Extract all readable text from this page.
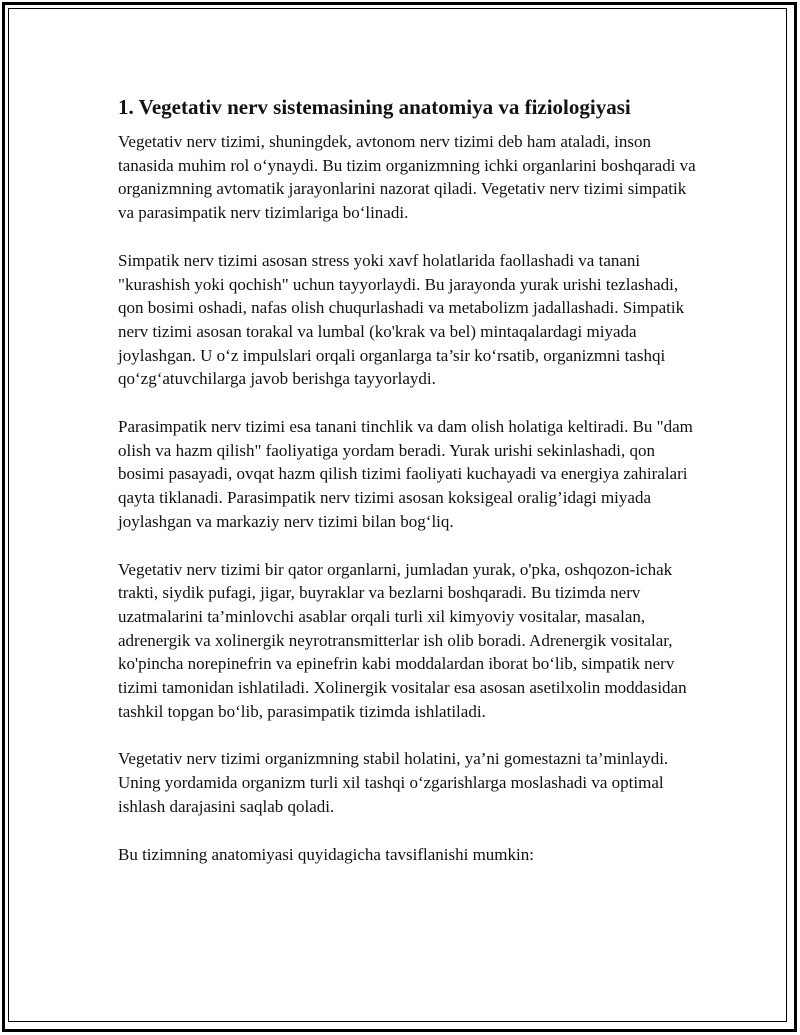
1. Vegetativ nerv sistemasining anatomiya va fiziologiyasi

Vegetativ nerv tizimi, shuningdek, avtonom nerv tizimi deb ham ataladi, inson tanasida muhim rol o‘ynaydi. Bu tizim organizmning ichki organlarini boshqaradi va organizmning avtomatik jarayonlarini nazorat qiladi. Vegetativ nerv tizimi simpatik va parasimpatik nerv tizimlariga bo‘linadi.

Simpatik nerv tizimi asosan stress yoki xavf holatlarida faollashadi va tanani "kurashish yoki qochish" uchun tayyorlaydi. Bu jarayonda yurak urishi tezlashadi, qon bosimi oshadi, nafas olish chuqurlashadi va metabolizm jadallashadi. Simpatik nerv tizimi asosan torakal va lumbal (ko'krak va bel) mintaqalardagi miyada joylashgan. U o‘z impulslari orqali organlarga ta’sir ko‘rsatib, organizmni tashqi qo‘zg‘atuvchilarga javob berishga tayyorlaydi.

Parasimpatik nerv tizimi esa tanani tinchlik va dam olish holatiga keltiradi. Bu "dam olish va hazm qilish" faoliyatiga yordam beradi. Yurak urishi sekinlashadi, qon bosimi pasayadi, ovqat hazm qilish tizimi faoliyati kuchayadi va energiya zahiralari qayta tiklanadi. Parasimpatik nerv tizimi asosan koksigeal oralig’idagi miyada joylashgan va markaziy nerv tizimi bilan bog‘liq.

Vegetativ nerv tizimi bir qator organlarni, jumladan yurak, o'pka, oshqozon-ichak trakti, siydik pufagi, jigar, buyraklar va bezlarni boshqaradi. Bu tizimda nerv uzatmalarini ta’minlovchi asablar orqali turli xil kimyoviy vositalar, masalan, adrenergik va xolinergik neyrotransmitterlar ish olib boradi. Adrenergik vositalar, ko'pincha norepinefrin va epinefrin kabi moddalardan iborat bo‘lib, simpatik nerv tizimi tamonidan ishlatiladi. Xolinergik vositalar esa asosan asetilxolin moddasidan tashkil topgan bo‘lib, parasimpatik tizimda ishlatiladi.

Vegetativ nerv tizimi organizmning stabil holatini, ya’ni gomestazni ta’minlaydi. Uning yordamida organizm turli xil tashqi o‘zgarishlarga moslashadi va optimal ishlash darajasini saqlab qoladi.

Bu tizimning anatomiyasi quyidagicha tavsiflanishi mumkin:
